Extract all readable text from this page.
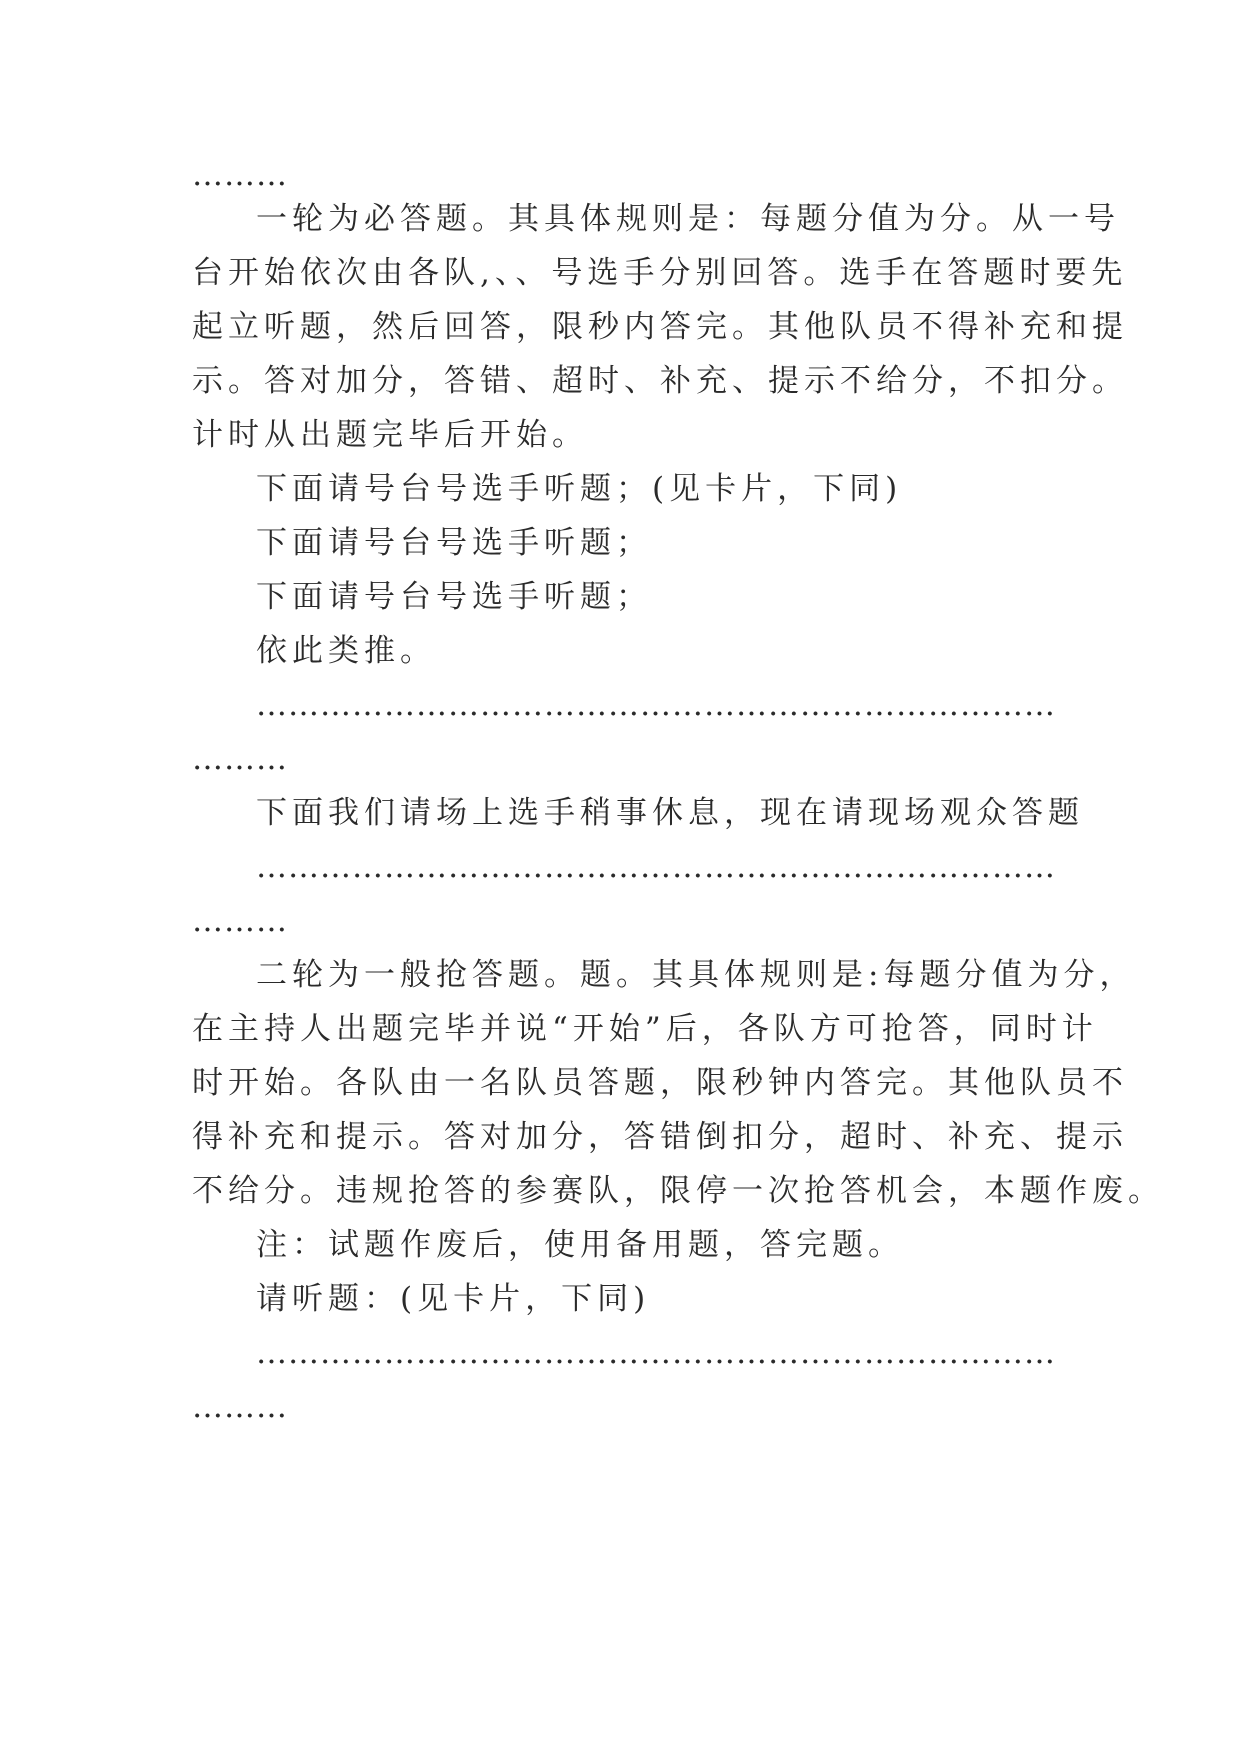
………
一轮为必答题。其具体规则是：每题分值为分。从一号
台开始依次由各队,、、号选手分别回答。选手在答题时要先
起立听题，然后回答，限秒内答完。其他队员不得补充和提
示。答对加分，答错、超时、补充、提示不给分，不扣分。
计时从出题完毕后开始。
下面请号台号选手听题；(见卡片，下同)
下面请号台号选手听题；
下面请号台号选手听题；
依此类推。
…………………………………………………………………
………
下面我们请场上选手稍事休息，现在请现场观众答题
…………………………………………………………………
………
二轮为一般抢答题。题。其具体规则是:每题分值为分，
在主持人出题完毕并说“开始”后，各队方可抢答，同时计
时开始。各队由一名队员答题，限秒钟内答完。其他队员不
得补充和提示。答对加分，答错倒扣分，超时、补充、提示
不给分。违规抢答的参赛队，限停一次抢答机会，本题作废。
注：试题作废后，使用备用题，答完题。
请听题：(见卡片，下同)
…………………………………………………………………
………
